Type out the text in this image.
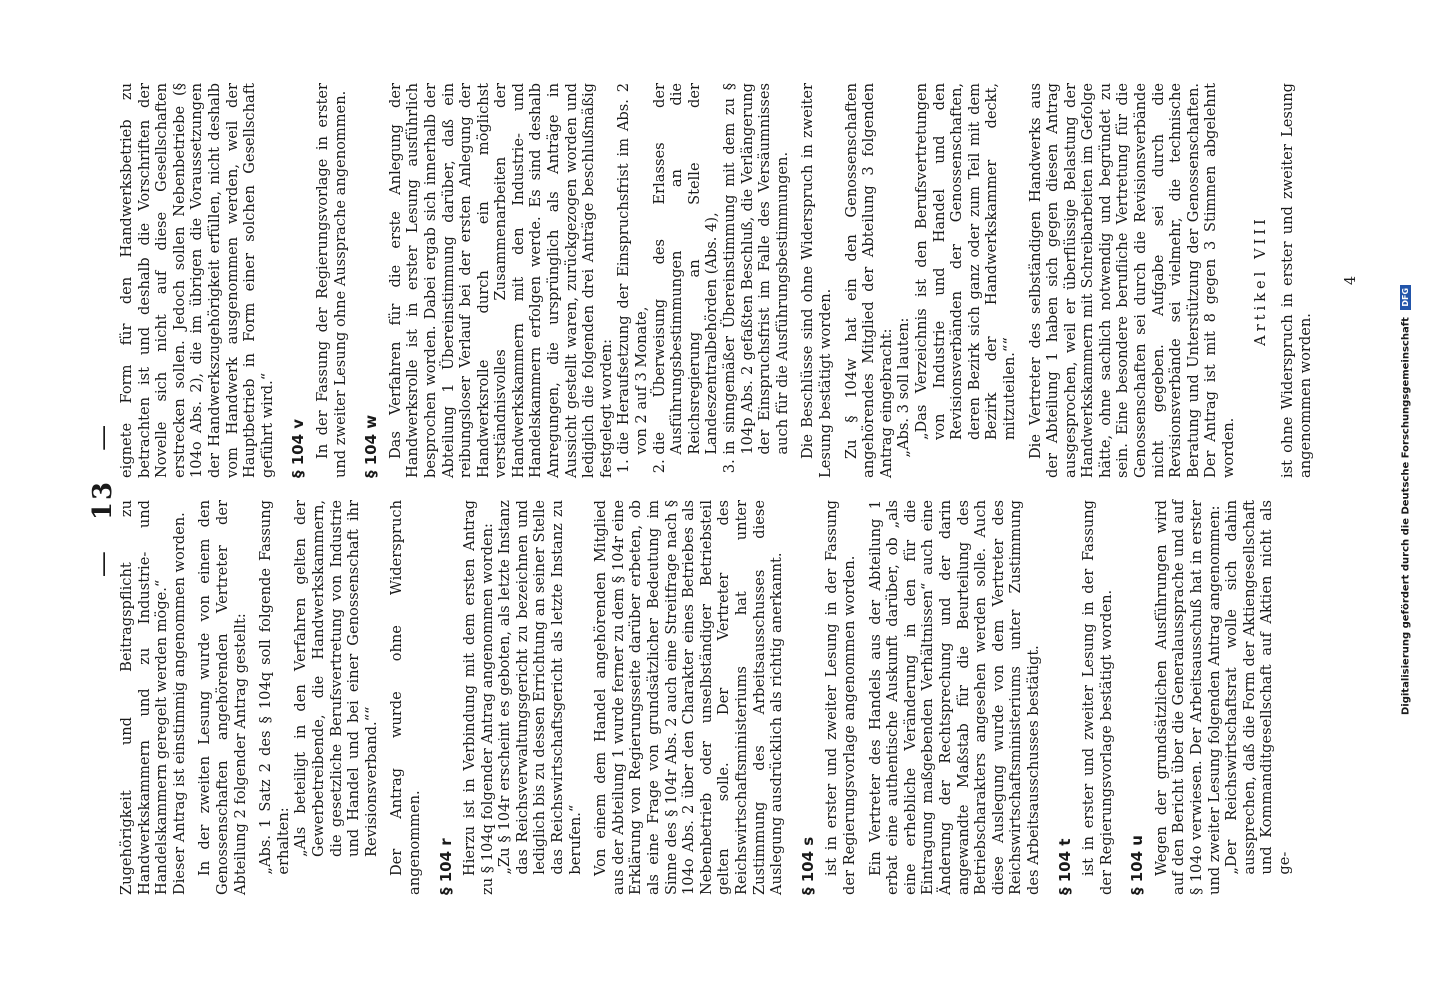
— 13 —

Zugehörigkeit und Beitragspflicht zu Handwerkskammern und zu Industrie- und Handelskammern geregelt werden möge.“ Dieser Antrag ist einstimmig angenommen worden. In der zweiten Lesung wurde von einem den Genossenschaften angehörenden Vertreter der Abteilung 2 folgender Antrag gestellt: „Abs. 1 Satz 2 des § 104q soll folgende Fassung erhalten: „Als beteiligt in den Verfahren gelten der Gewerbetreibende, die Handwerkskammern, die gesetzliche Berufsvertretung von Industrie und Handel und bei einer Genossenschaft ihr Revisionsverband.““ Der Antrag wurde ohne Widerspruch angenommen. § 104 r Hierzu ist in Verbindung mit dem ersten Antrag zu § 104q folgender Antrag angenommen worden: „Zu § 104r erscheint es geboten, als letzte Instanz das Reichsverwaltungsgericht zu bezeichnen und lediglich bis zu dessen Errichtung an seiner Stelle das Reichswirtschaftsgericht als letzte Instanz zu berufen.“ Von einem dem Handel angehörenden Mitglied aus der Abteilung 1 wurde ferner zu dem § 104r eine Erklärung von Regierungsseite darüber erbeten, ob als eine Frage von grundsätzlicher Bedeutung im Sinne des § 104r Abs. 2 auch eine Streitfrage nach § 104o Abs. 2 über den Charakter eines Betriebes als Nebenbetrieb oder unselbständiger Betriebsteil gelten solle. Der Vertreter des Reichswirtschaftsministeriums hat unter Zustimmung des Arbeitsausschusses diese Auslegung ausdrücklich als richtig anerkannt. § 104 s ist in erster und zweiter Lesung in der Fassung der Regierungsvorlage angenommen worden. Ein Vertreter des Handels aus der Abteilung 1 erbat eine authentische Auskunft darüber, ob „als eine erhebliche Veränderung in den für die Eintragung maßgebenden Verhältnissen“ auch eine Änderung der Rechtsprechung und der darin angewandte Maßstab für die Beurteilung des Betriebscharakters angesehen werden solle. Auch diese Auslegung wurde von dem Vertreter des Reichswirtschaftsministeriums unter Zustimmung des Arbeitsausschusses bestätigt. § 104 t ist in erster und zweiter Lesung in der Fassung der Regierungsvorlage bestätigt worden. § 104 u Wegen der grundsätzlichen Ausführungen wird auf den Bericht über die Generalaussprache und auf § 104o verwiesen. Der Arbeitsausschuß hat in erster und zweiter Lesung folgenden Antrag angenommen: „Der Reichswirtschaftsrat wolle sich dahin aussprechen, daß die Form der Aktiengesellschaft und Kommanditgesellschaft auf Aktien nicht als ge-

eignete Form für den Handwerksbetrieb zu betrachten ist und deshalb die Vorschriften der Novelle sich nicht auf diese Gesellschaften erstrecken sollen. Jedoch sollen Nebenbetriebe (§ 104o Abs. 2), die im übrigen die Voraussetzungen der Handwerkszugehörigkeit erfüllen, nicht deshalb vom Handwerk ausgenommen werden, weil der Hauptbetrieb in Form einer solchen Gesellschaft geführt wird.“ § 104 v In der Fassung der Regierungsvorlage in erster und zweiter Lesung ohne Aussprache angenommen. § 104 w Das Verfahren für die erste Anlegung der Handwerksrolle ist in erster Lesung ausführlich besprochen worden. Dabei ergab sich innerhalb der Abteilung 1 Übereinstimmung darüber, daß ein reibungsloser Verlauf bei der ersten Anlegung der Handwerksrolle durch ein möglichst verständnisvolles Zusammenarbeiten der Handwerkskammern mit den Industrie- und Handelskammern erfolgen werde. Es sind deshalb Anregungen, die ursprünglich als Anträge in Aussicht gestellt waren, zurückgezogen worden und lediglich die folgenden drei Anträge beschlußmäßig festgelegt worden: 1. die Heraufsetzung der Einspruchsfrist im Abs. 2 von 2 auf 3 Monate, 2. die Überweisung des Erlasses der Ausführungsbestimmungen an die Reichsregierung an Stelle der Landeszentralbehörden (Abs. 4), 3. in sinngemäßer Übereinstimmung mit dem zu § 104p Abs. 2 gefaßten Beschluß, die Verlängerung der Einspruchsfrist im Falle des Versäumnisses auch für die Ausführungsbestimmungen. Die Beschlüsse sind ohne Widerspruch in zweiter Lesung bestätigt worden. Zu § 104w hat ein den Genossenschaften angehörendes Mitglied der Abteilung 3 folgenden Antrag eingebracht: „Abs. 3 soll lauten: „Das Verzeichnis ist den Berufsvertretungen von Industrie und Handel und den Revisionsverbänden der Genossenschaften, deren Bezirk sich ganz oder zum Teil mit dem Bezirk der Handwerkskammer deckt, mitzuteilen.““ Die Vertreter des selbständigen Handwerks aus der Abteilung 1 haben sich gegen diesen Antrag ausgesprochen, weil er überflüssige Belastung der Handwerkskammern mit Schreibarbeiten im Gefolge hätte, ohne sachlich notwendig und begründet zu sein. Eine besondere berufliche Vertretung für die Genossenschaften sei durch die Revisionsverbände nicht gegeben. Aufgabe sei durch die Revisionsverbände sei vielmehr, die technische Beratung und Unterstützung der Genossenschaften. Der Antrag ist mit 8 gegen 3 Stimmen abgelehnt worden.

Artikel VIII ist ohne Widerspruch in erster und zweiter Lesung angenommen worden.

4

Digitalisierung gefördert durch die Deutsche Forschungsgemeinschaft DFG
